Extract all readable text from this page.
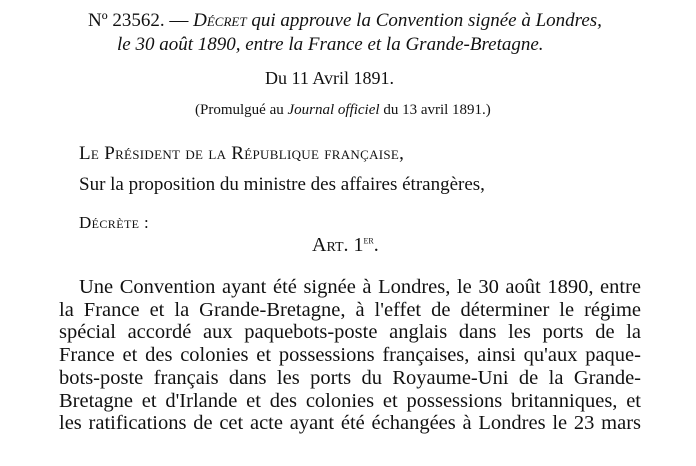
Nº 23562. — Décret qui approuve la Convention signée à Londres,
le 30 août 1890, entre la France et la Grande-Bretagne.
Du 11 Avril 1891.
(Promulgué au Journal officiel du 13 avril 1891.)
Le Président de la République française,
Sur la proposition du ministre des affaires étrangères,
Décrète :
Art. 1er.
Une Convention ayant été signée à Londres, le 30 août 1890, entre
la France et la Grande-Bretagne, à l'effet de déterminer le régime
spécial accordé aux paquebots-poste anglais dans les ports de la
France et des colonies et possessions françaises, ainsi qu'aux paque-
bots-poste français dans les ports du Royaume-Uni de la Grande-
Bretagne et d'Irlande et des colonies et possessions britanniques, et
les ratifications de cet acte ayant été échangées à Londres le 23 mars
